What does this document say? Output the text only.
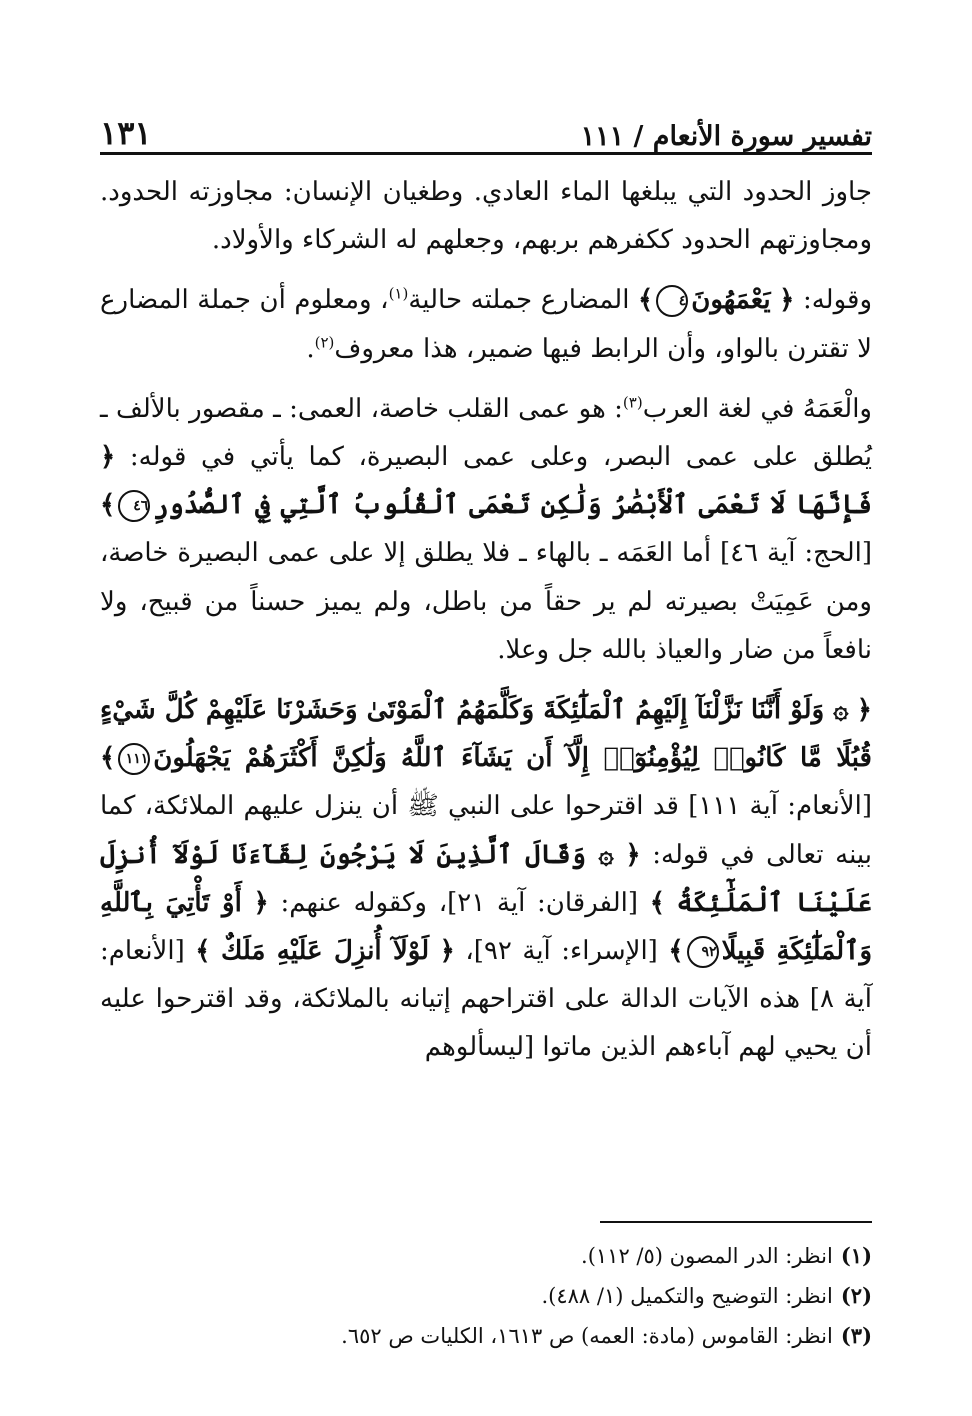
تفسير سورة الأنعام / ١١١
١٣١

جاوز الحدود التي يبلغها الماء العادي. وطغيان الإنسان: مجاوزته الحدود. ومجاوزتهم الحدود ككفرهم بربهم، وجعلهم له الشركاء والأولاد.

وقوله: ﴿ يَعْمَهُونَ٤﴾ المضارع جملته حالية$^{(١)}$، ومعلوم أن جملة المضارع لا تقترن بالواو، وأن الرابط فيها ضمير، هذا معروف$^{(٢)}$.

والْعَمَهُ في لغة العرب$^{(٣)}$: هو عمى القلب خاصة، العمى: ـ مقصور بالألف ـ يُطلق على عمى البصر، وعلى عمى البصيرة، كما يأتي في قوله: ﴿ فَإِنَّهَا لَا تَعْمَى ٱلْأَبْصَٰرُ وَلَٰكِن تَعْمَى ٱلْقُلُوبُ ٱلَّتِي فِي ٱلصُّدُورِ٤٦﴾ [الحج: آية ٤٦] أما العَمَه ـ بالهاء ـ فلا يطلق إلا على عمى البصيرة خاصة، ومن عَمِيَتْ بصيرته لم ير حقاً من باطل، ولم يميز حسناً من قبيح، ولا نافعاً من ضار والعياذ بالله جل وعلا.

﴿ ۞ وَلَوْ أَنَّنَا نَزَّلْنَآ إِلَيْهِمُ ٱلْمَلَٰٓئِكَةَ وَكَلَّمَهُمُ ٱلْمَوْتَىٰ وَحَشَرْنَا عَلَيْهِمْ كُلَّ شَيْءٍ قُبُلًا مَّا كَانُوا۟ لِيُؤْمِنُوٓا۟ إِلَّآ أَن يَشَآءَ ٱللَّهُ وَلَٰكِنَّ أَكْثَرَهُمْ يَجْهَلُونَ١١١﴾ [الأنعام: آية ١١١] قد اقترحوا على النبي ﷺ أن ينزل عليهم الملائكة، كما بينه تعالى في قوله: ﴿ ۞ وَقَالَ ٱلَّذِينَ لَا يَرْجُونَ لِقَآءَنَا لَوْلَآ أُنزِلَ عَلَيْنَا ٱلْمَلَٰٓئِكَةُ ﴾ [الفرقان: آية ٢١]، وكقوله عنهم: ﴿ أَوْ تَأْتِيَ بِٱللَّهِ وَٱلْمَلَٰٓئِكَةِ قَبِيلًا٩٢﴾ [الإسراء: آية ٩٢]، ﴿ لَوْلَآ أُنزِلَ عَلَيْهِ مَلَكٌ ﴾ [الأنعام: آية ٨] هذه الآيات الدالة على اقتراحهم إتيانه بالملائكة، وقد اقترحوا عليه أن يحيي لهم آباءهم الذين ماتوا [ليسألوهم

(١)انظر: الدر المصون (٥/ ١١٢).
(٢)انظر: التوضيح والتكميل (١/ ٤٨٨).
(٣)انظر: القاموس (مادة: العمه) ص ١٦١٣، الكليات ص ٦٥٢.
